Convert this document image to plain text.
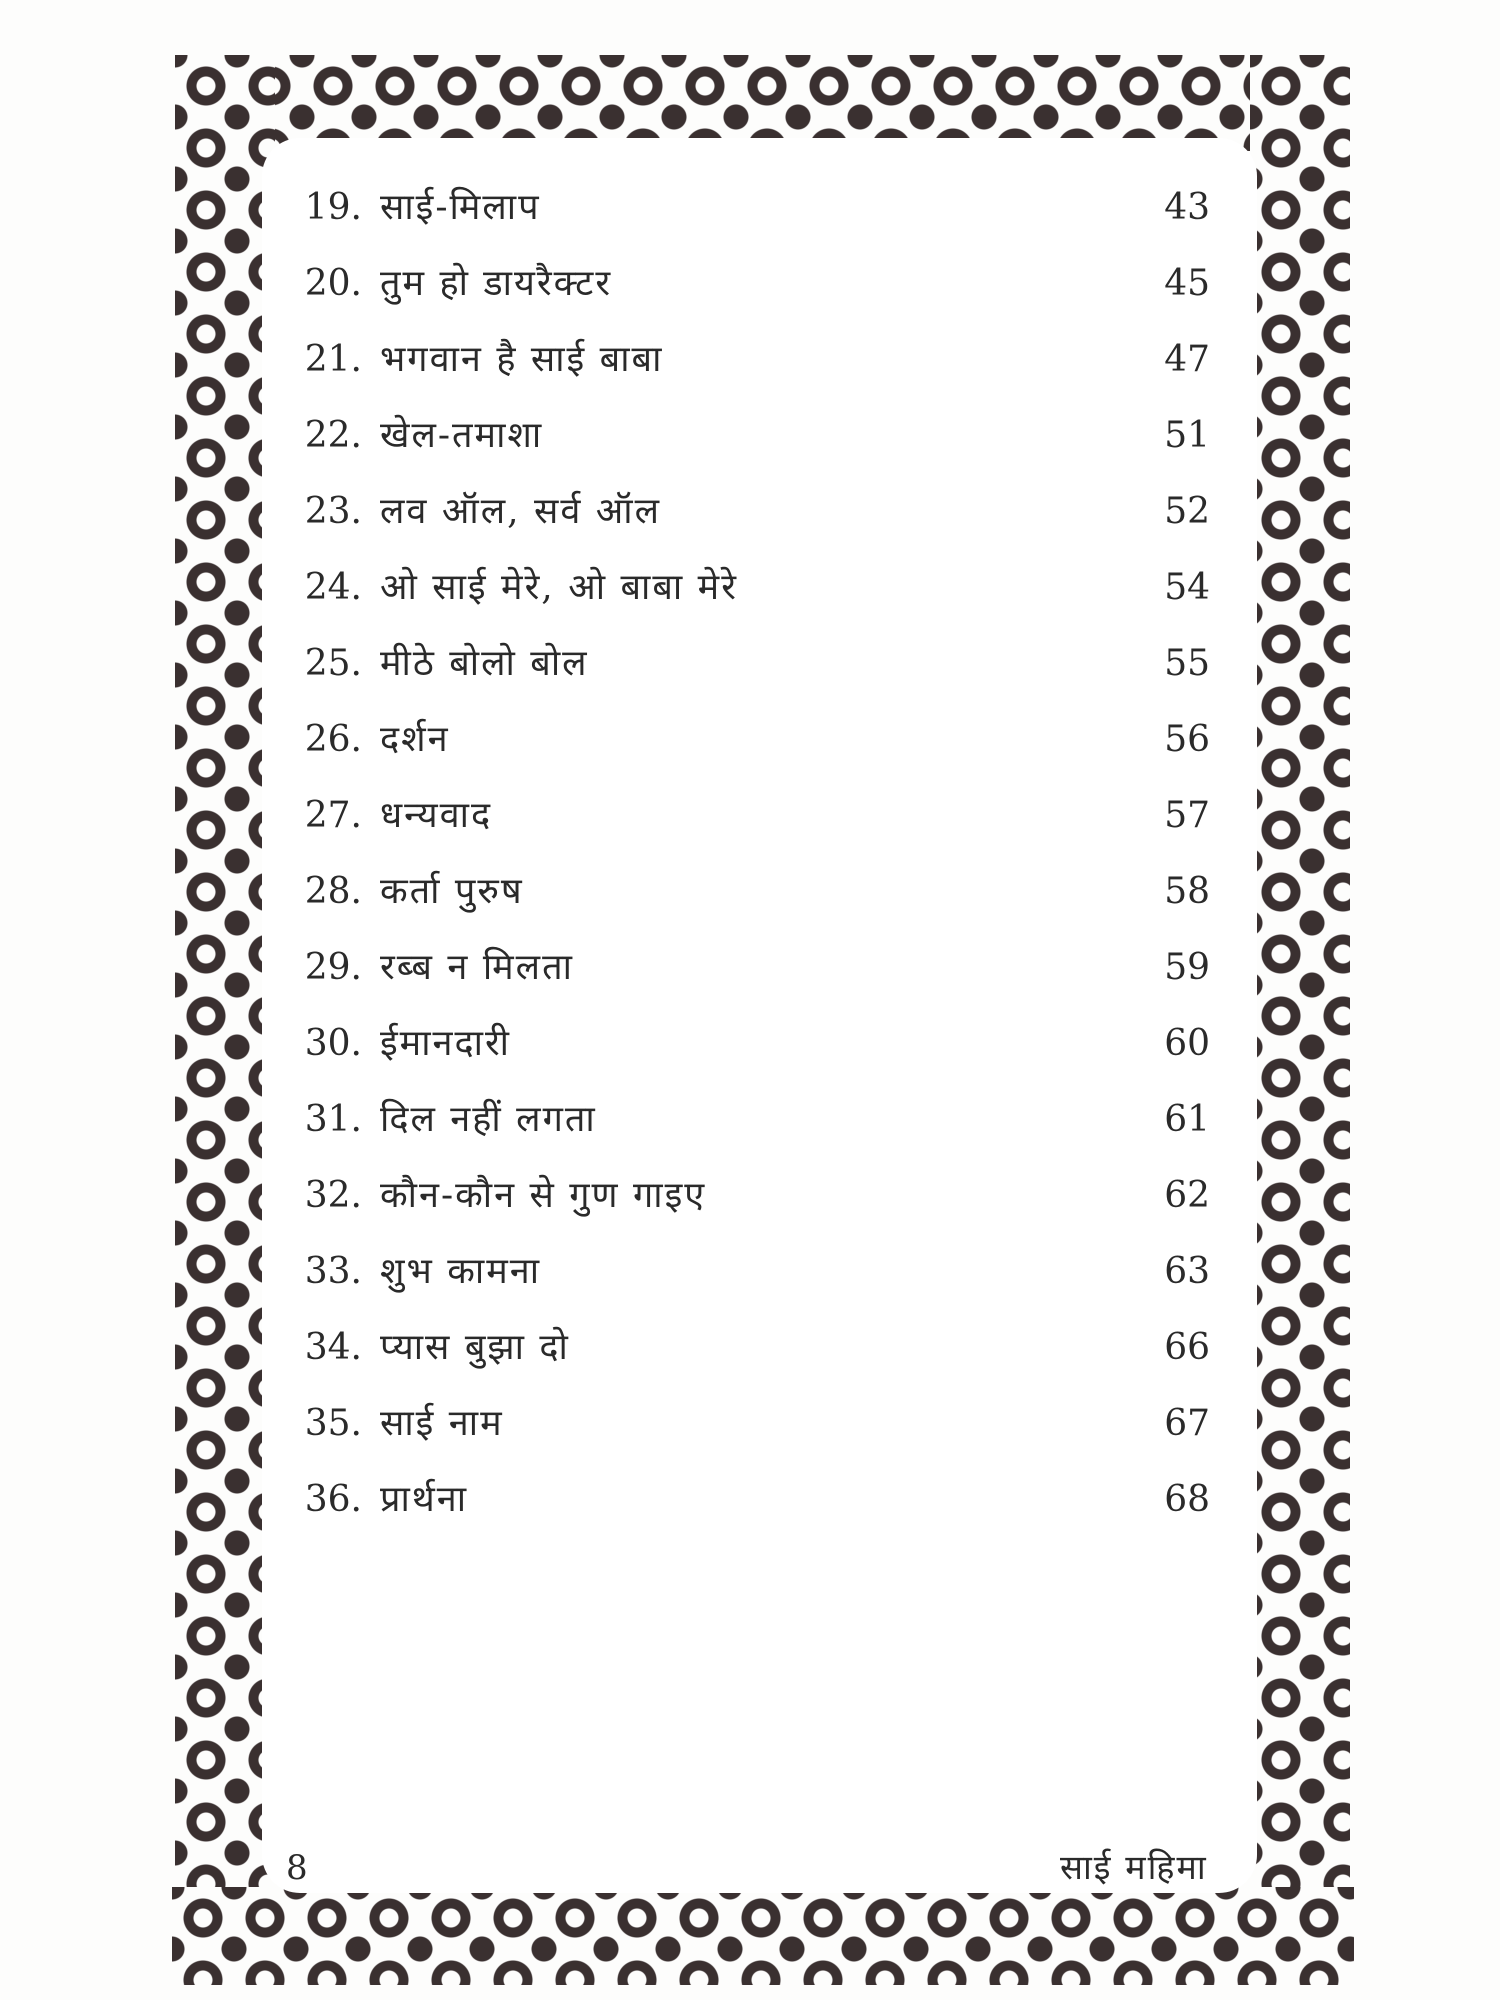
19. साई-मिलाप	43
20. तुम हो डायरैक्टर	45
21. भगवान है साई बाबा	47
22. खेल-तमाशा	51
23. लव ऑल, सर्व ऑल	52
24. ओ साई मेरे, ओ बाबा मेरे	54
25. मीठे बोलो बोल	55
26. दर्शन	56
27. धन्यवाद	57
28. कर्ता पुरुष	58
29. रब्ब न मिलता	59
30. ईमानदारी	60
31. दिल नहीं लगता	61
32. कौन-कौन से गुण गाइए	62
33. शुभ कामना	63
34. प्यास बुझा दो	66
35. साई नाम	67
36. प्रार्थना	68
8	साई महिमा
